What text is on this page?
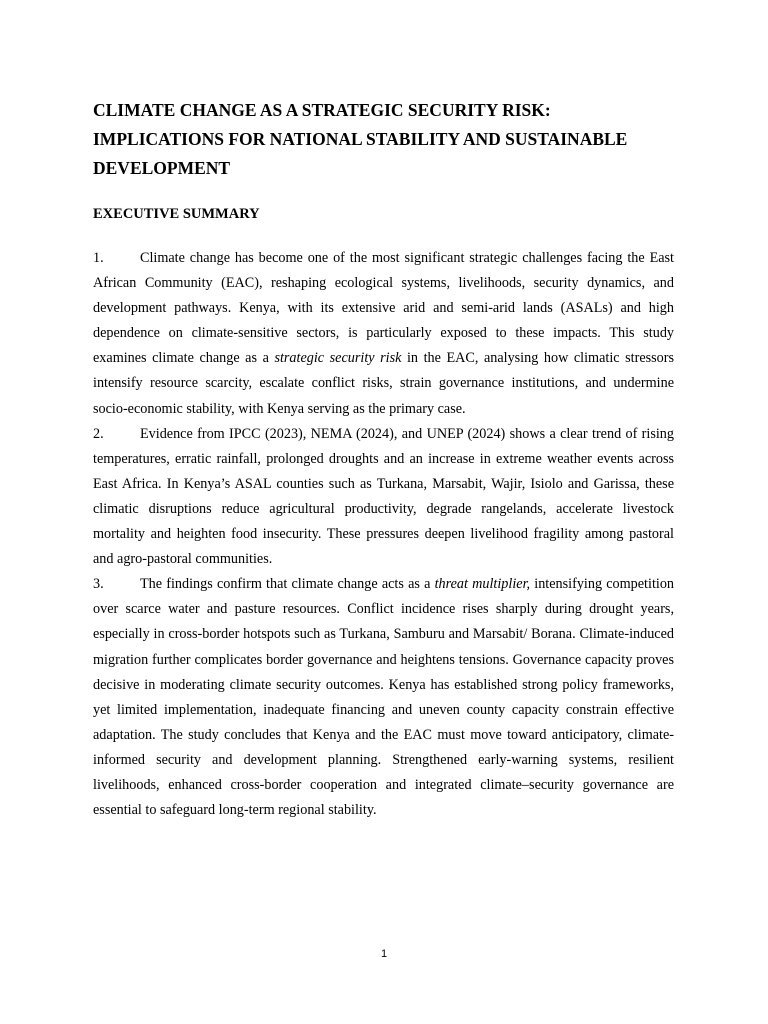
CLIMATE CHANGE AS A STRATEGIC SECURITY RISK:
IMPLICATIONS FOR NATIONAL STABILITY AND SUSTAINABLE
DEVELOPMENT
EXECUTIVE SUMMARY

1.	Climate change has become one of the most significant strategic challenges facing the East African Community (EAC), reshaping ecological systems, livelihoods, security dynamics, and development pathways. Kenya, with its extensive arid and semi-arid lands (ASALs) and high dependence on climate-sensitive sectors, is particularly exposed to these impacts. This study examines climate change as a strategic security risk in the EAC, analysing how climatic stressors intensify resource scarcity, escalate conflict risks, strain governance institutions, and undermine socio-economic stability, with Kenya serving as the primary case.

2.	Evidence from IPCC (2023), NEMA (2024), and UNEP (2024) shows a clear trend of rising temperatures, erratic rainfall, prolonged droughts and an increase in extreme weather events across East Africa. In Kenya’s ASAL counties such as Turkana, Marsabit, Wajir, Isiolo and Garissa, these climatic disruptions reduce agricultural productivity, degrade rangelands, accelerate livestock mortality and heighten food insecurity. These pressures deepen livelihood fragility among pastoral and agro-pastoral communities.

3.	The findings confirm that climate change acts as a threat multiplier, intensifying competition over scarce water and pasture resources. Conflict incidence rises sharply during drought years, especially in cross-border hotspots such as Turkana, Samburu and Marsabit/ Borana. Climate-induced migration further complicates border governance and heightens tensions. Governance capacity proves decisive in moderating climate security outcomes. Kenya has established strong policy frameworks, yet limited implementation, inadequate financing and uneven county capacity constrain effective adaptation. The study concludes that Kenya and the EAC must move toward anticipatory, climate-informed security and development planning. Strengthened early-warning systems, resilient livelihoods, enhanced cross-border cooperation and integrated climate–security governance are essential to safeguard long-term regional stability.

1
